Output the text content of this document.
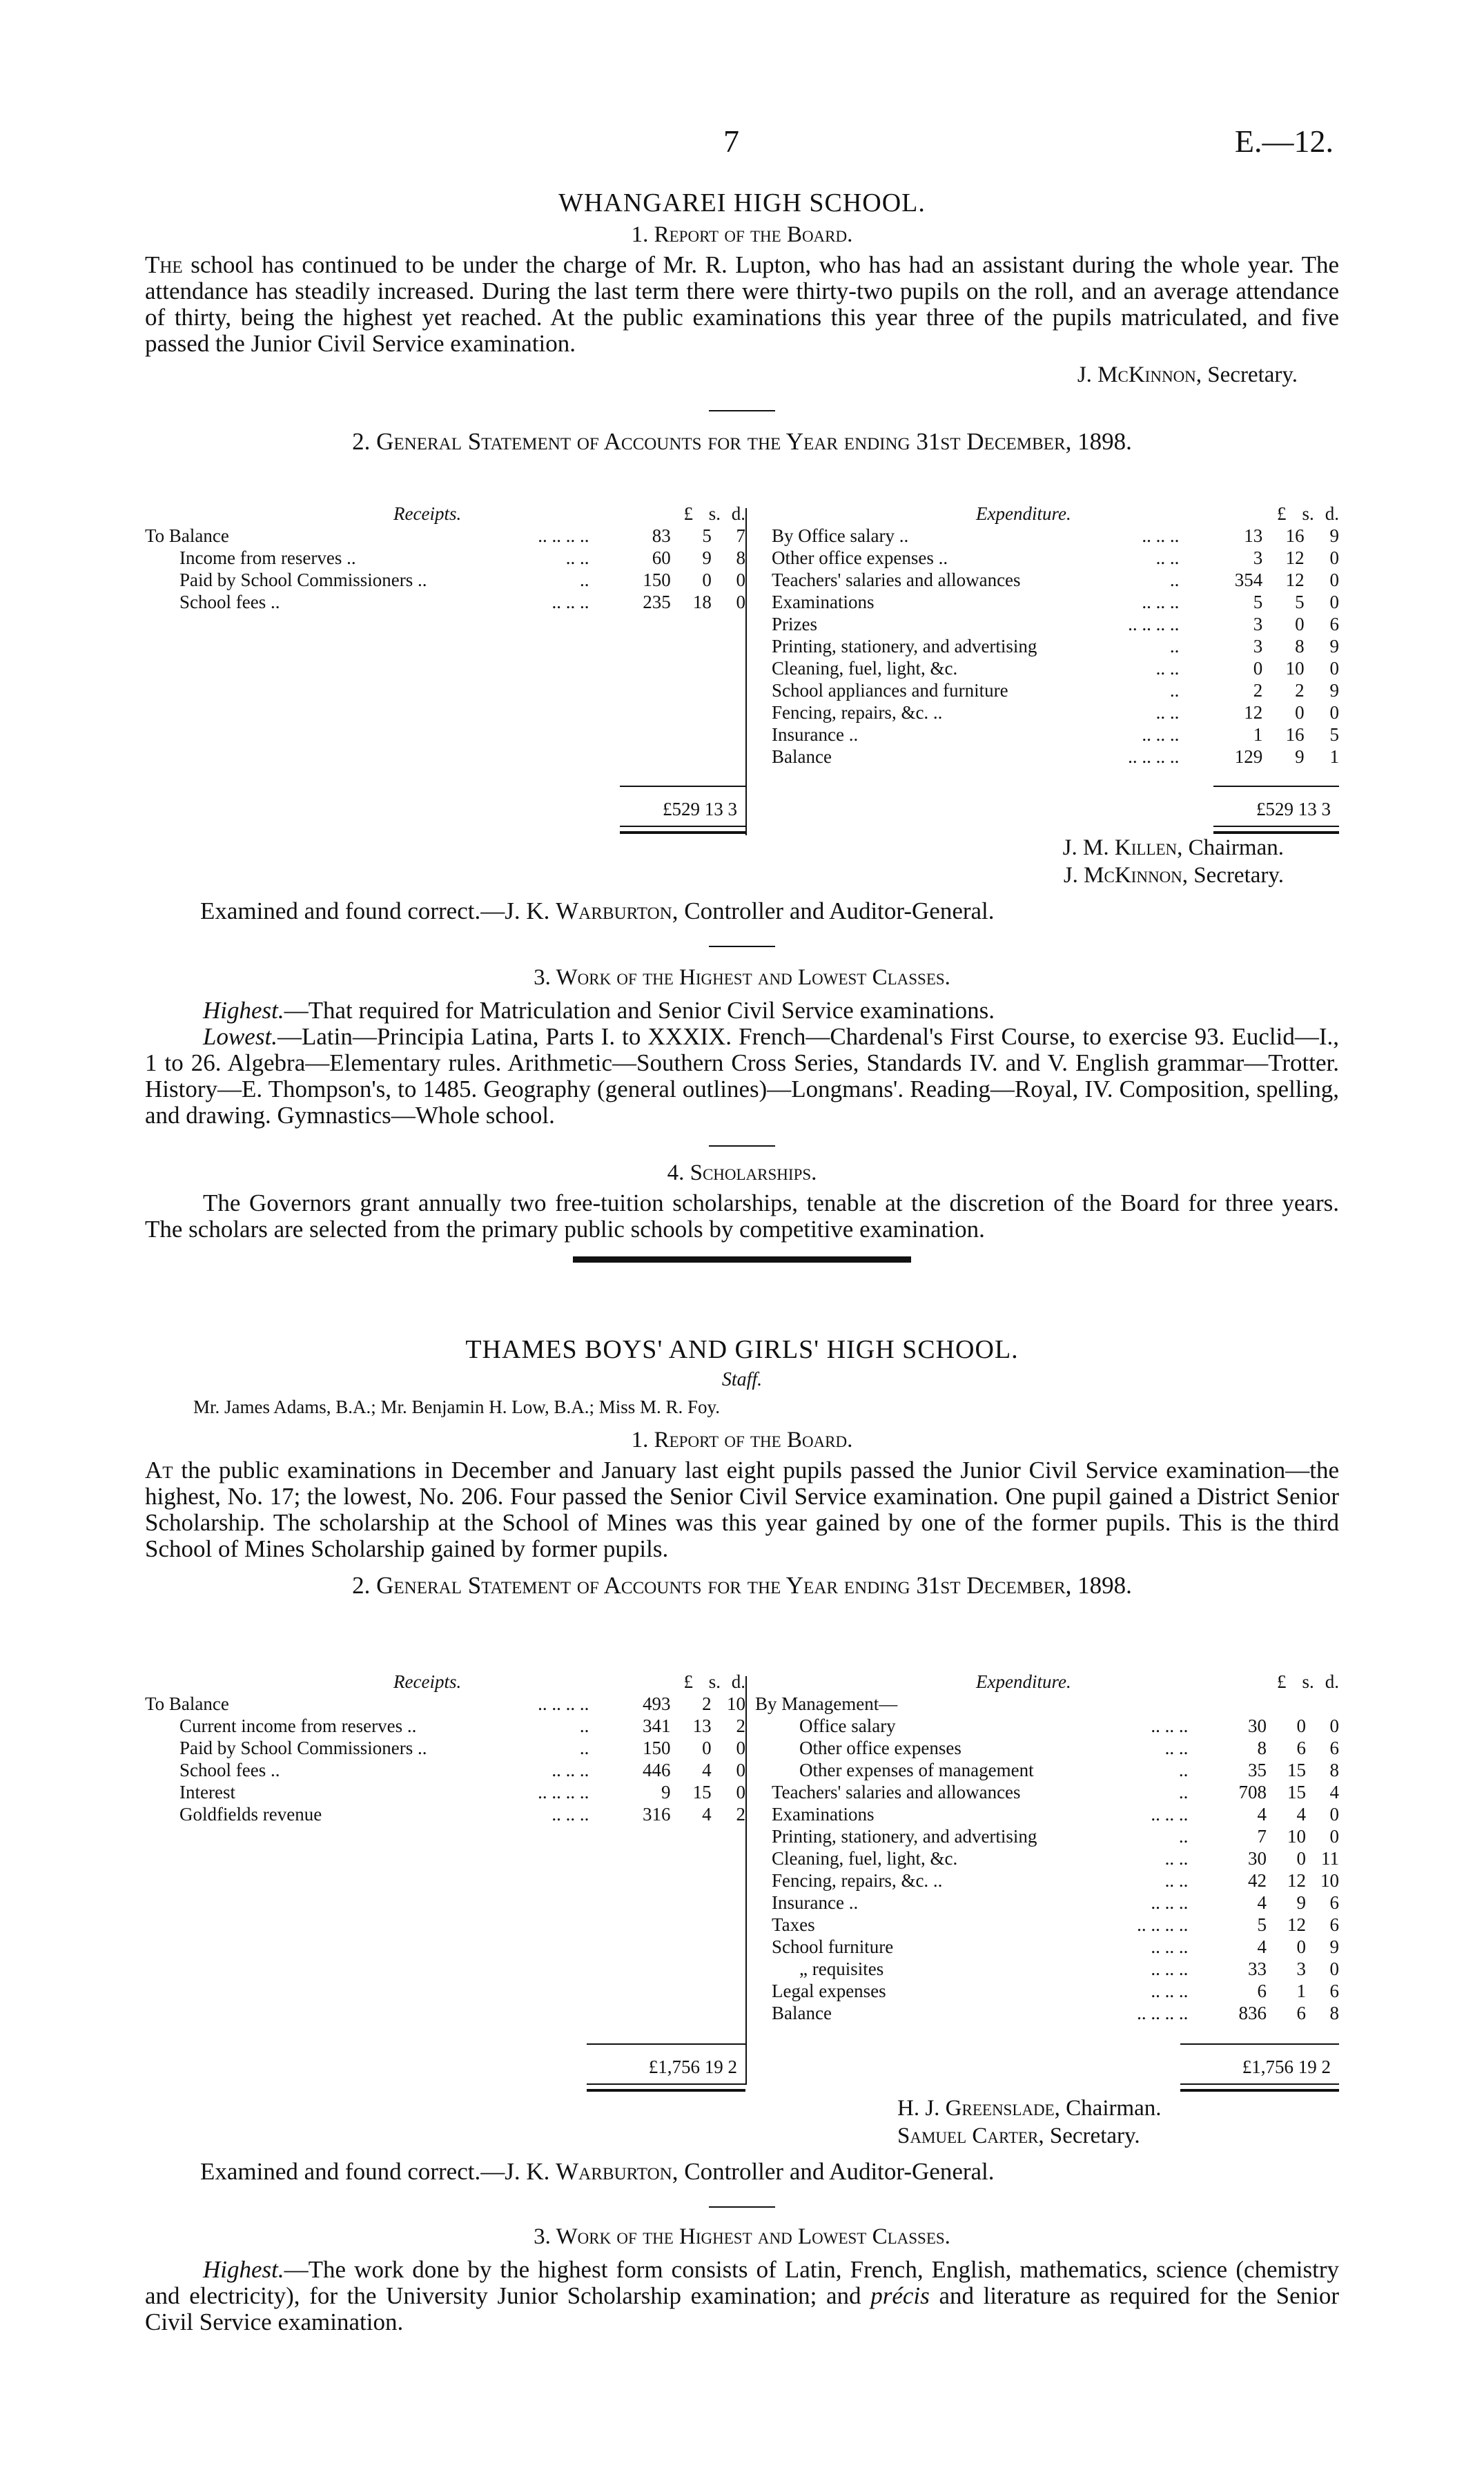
7	E.—12.

WHANGAREI HIGH SCHOOL.

1. Report of the Board.

The school has continued to be under the charge of Mr. R. Lupton, who has had an assistant during the whole year. The attendance has steadily increased. During the last term there were thirty-two pupils on the roll, and an average attendance of thirty, being the highest yet reached. At the public examinations this year three of the pupils matriculated, and five passed the Junior Civil Service examination.

J. McKinnon, Secretary.

2. General Statement of Accounts for the Year ending 31st December, 1898.

Receipts.	£	s.	d.
To Balance .. .. .. ..	83	5	7
Income from reserves .. .. ..	60	9	8
Paid by School Commissioners .. ..	150	0	0
School fees .. .. .. ..	235	18	0
£529 13 3
Expenditure.	£	s.	d.
By Office salary .. .. .. ..	13	16	9
Other office expenses .. .. ..	3	12	0
Teachers' salaries and allowances ..	354	12	0
Examinations .. .. ..	5	5	0
Prizes .. .. .. ..	3	0	6
Printing, stationery, and advertising ..	3	8	9
Cleaning, fuel, light, &c. .. ..	0	10	0
School appliances and furniture ..	2	2	9
Fencing, repairs, &c. .. .. ..	12	0	0
Insurance .. .. .. ..	1	16	5
Balance .. .. .. ..	129	9	1
£529 13 3
J. M. Killen, Chairman.
J. McKinnon, Secretary.

Examined and found correct.—J. K. Warburton, Controller and Auditor-General.

3. Work of the Highest and Lowest Classes.

Highest.—That required for Matriculation and Senior Civil Service examinations.

Lowest.—Latin—Principia Latina, Parts I. to XXXIX. French—Chardenal's First Course, to exercise 93. Euclid—I., 1 to 26. Algebra—Elementary rules. Arithmetic—Southern Cross Series, Standards IV. and V. English grammar—Trotter. History—E. Thompson's, to 1485. Geography (general outlines)—Longmans'. Reading—Royal, IV. Composition, spelling, and drawing. Gymnastics—Whole school.

4. Scholarships.

The Governors grant annually two free-tuition scholarships, tenable at the discretion of the Board for three years. The scholars are selected from the primary public schools by competitive examination.

THAMES BOYS' AND GIRLS' HIGH SCHOOL.

Staff.

Mr. James Adams, B.A.; Mr. Benjamin H. Low, B.A.; Miss M. R. Foy.

1. Report of the Board.

At the public examinations in December and January last eight pupils passed the Junior Civil Service examination—the highest, No. 17; the lowest, No. 206. Four passed the Senior Civil Service examination. One pupil gained a District Senior Scholarship. The scholarship at the School of Mines was this year gained by one of the former pupils. This is the third School of Mines Scholarship gained by former pupils.

2. General Statement of Accounts for the Year ending 31st December, 1898.

Receipts.	£	s.	d.
To Balance .. .. .. ..	493	2	10
Current income from reserves .. ..	341	13	2
Paid by School Commissioners .. ..	150	0	0
School fees .. .. .. ..	446	4	0
Interest .. .. .. ..	9	15	0
Goldfields revenue .. .. ..	316	4	2
£1,756 19 2
Expenditure.	£	s.	d.
By Management—
Office salary .. .. ..	30	0	0
Other office expenses .. ..	8	6	6
Other expenses of management ..	35	15	8
Teachers' salaries and allowances ..	708	15	4
Examinations .. .. ..	4	4	0
Printing, stationery, and advertising ..	7	10	0
Cleaning, fuel, light, &c. .. ..	30	0	11
Fencing, repairs, &c. .. .. ..	42	12	10
Insurance .. .. .. ..	4	9	6
Taxes .. .. .. ..	5	12	6
School furniture .. .. ..	4	0	9
„ requisites .. .. ..	33	3	0
Legal expenses .. .. ..	6	1	6
Balance .. .. .. ..	836	6	8
£1,756 19 2
H. J. Greenslade, Chairman.
Samuel Carter, Secretary.

Examined and found correct.—J. K. Warburton, Controller and Auditor-General.

3. Work of the Highest and Lowest Classes.

Highest.—The work done by the highest form consists of Latin, French, English, mathematics, science (chemistry and electricity), for the University Junior Scholarship examination; and précis and literature as required for the Senior Civil Service examination.
